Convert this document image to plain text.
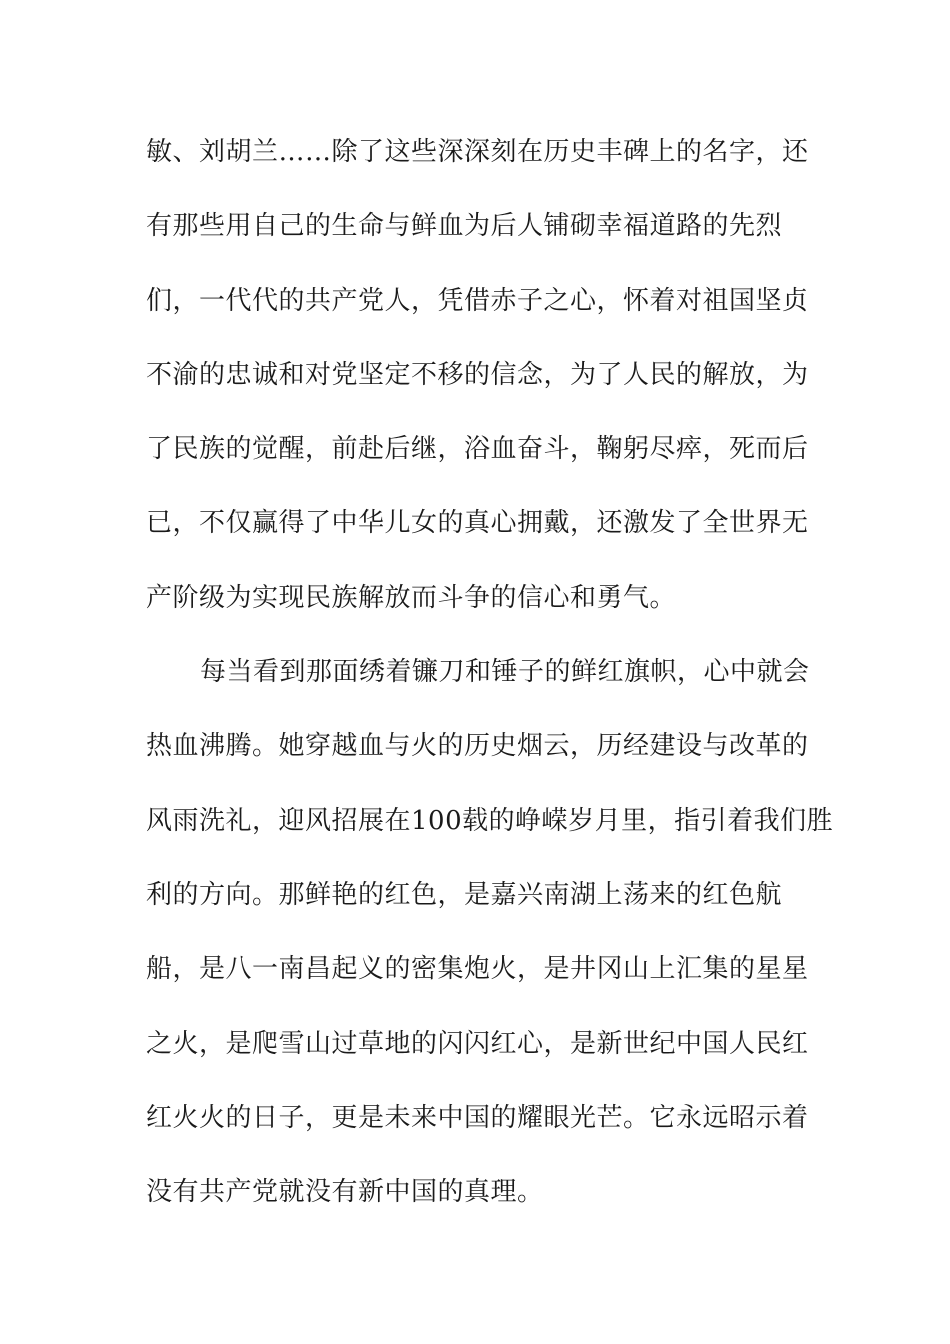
敏、刘胡兰……除了这些深深刻在历史丰碑上的名字，还
有那些用自己的生命与鲜血为后人铺砌幸福道路的先烈
们，一代代的共产党人，凭借赤子之心，怀着对祖国坚贞
不渝的忠诚和对党坚定不移的信念，为了人民的解放，为
了民族的觉醒，前赴后继，浴血奋斗，鞠躬尽瘁，死而后
已，不仅赢得了中华儿女的真心拥戴，还激发了全世界无
产阶级为实现民族解放而斗争的信心和勇气。
每当看到那面绣着镰刀和锤子的鲜红旗帜，心中就会
热血沸腾。她穿越血与火的历史烟云，历经建设与改革的
风雨洗礼，迎风招展在100载的峥嵘岁月里，指引着我们胜
利的方向。那鲜艳的红色，是嘉兴南湖上荡来的红色航
船，是八一南昌起义的密集炮火，是井冈山上汇集的星星
之火，是爬雪山过草地的闪闪红心，是新世纪中国人民红
红火火的日子，更是未来中国的耀眼光芒。它永远昭示着
没有共产党就没有新中国的真理。
